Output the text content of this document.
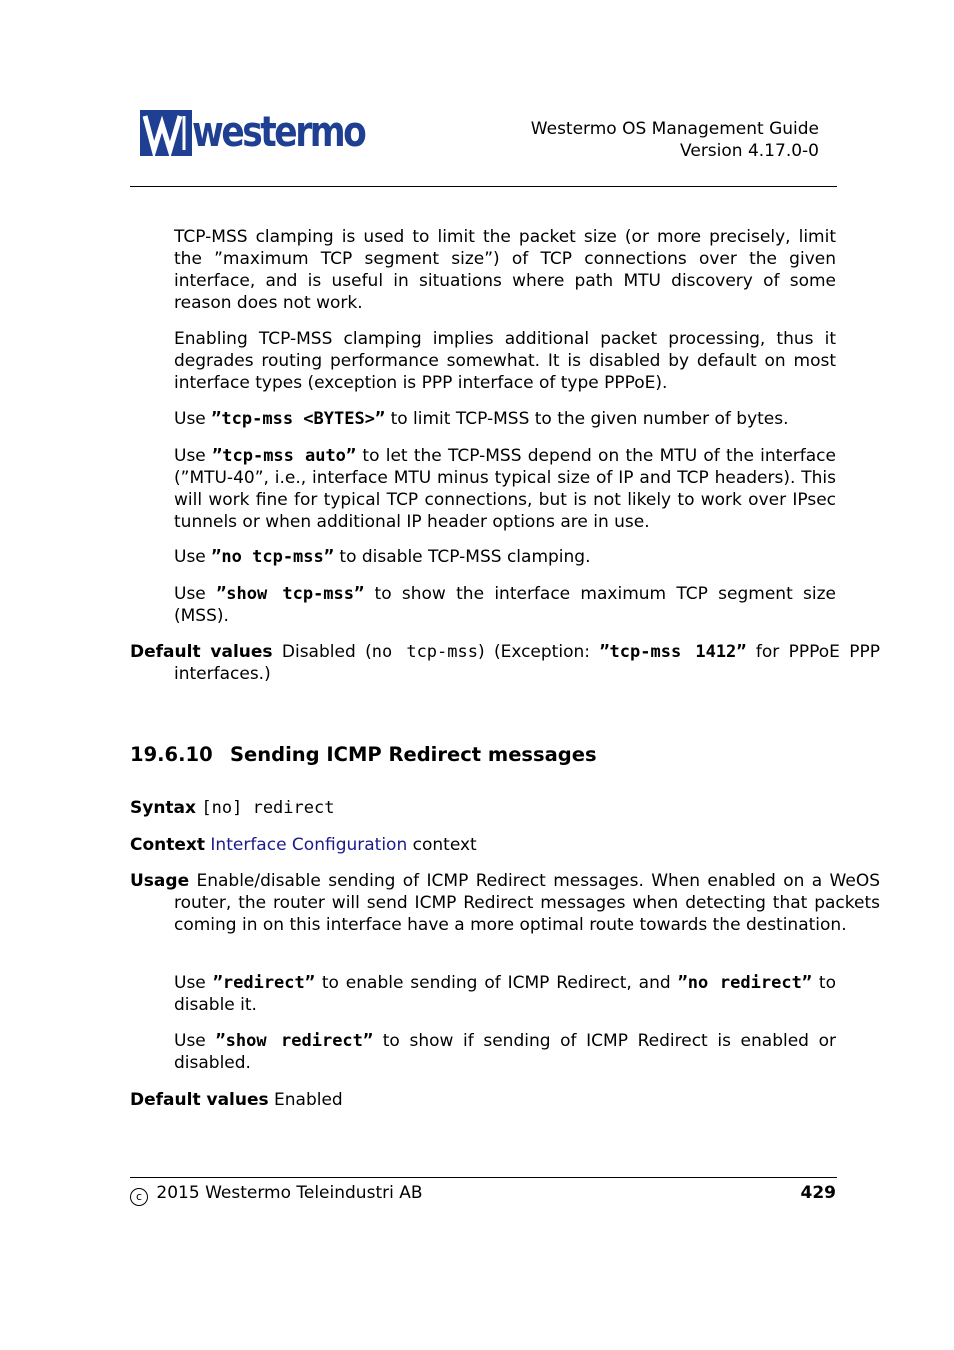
westermo	Westermo OS Management Guide
Version 4.17.0-0
TCP-MSS clamping is used to limit the packet size (or more precisely, limit the ”maximum TCP segment size”) of TCP connections over the given interface, and is useful in situations where path MTU discovery of some reason does not work.
Enabling TCP-MSS clamping implies additional packet processing, thus it degrades routing performance somewhat. It is disabled by default on most interface types (exception is PPP interface of type PPPoE).
Use ”tcp-mss <BYTES>” to limit TCP-MSS to the given number of bytes.
Use ”tcp-mss auto” to let the TCP-MSS depend on the MTU of the interface (”MTU-40”, i.e., interface MTU minus typical size of IP and TCP headers). This will work fine for typical TCP connections, but is not likely to work over IPsec tunnels or when additional IP header options are in use.
Use ”no tcp-mss” to disable TCP-MSS clamping.
Use ”show tcp-mss” to show the interface maximum TCP segment size (MSS).
Default values Disabled (no tcp-mss) (Exception: ”tcp-mss 1412” for PPPoE PPP interfaces.)
19.6.10 Sending ICMP Redirect messages
Syntax [no] redirect
Context Interface Configuration context
Usage Enable/disable sending of ICMP Redirect messages. When enabled on a WeOS router, the router will send ICMP Redirect messages when detecting that packets coming in on this interface have a more optimal route towards the destination.
Use ”redirect” to enable sending of ICMP Redirect, and ”no redirect” to disable it.
Use ”show redirect” to show if sending of ICMP Redirect is enabled or disabled.
Default values Enabled
c 2015 Westermo Teleindustri AB	429
